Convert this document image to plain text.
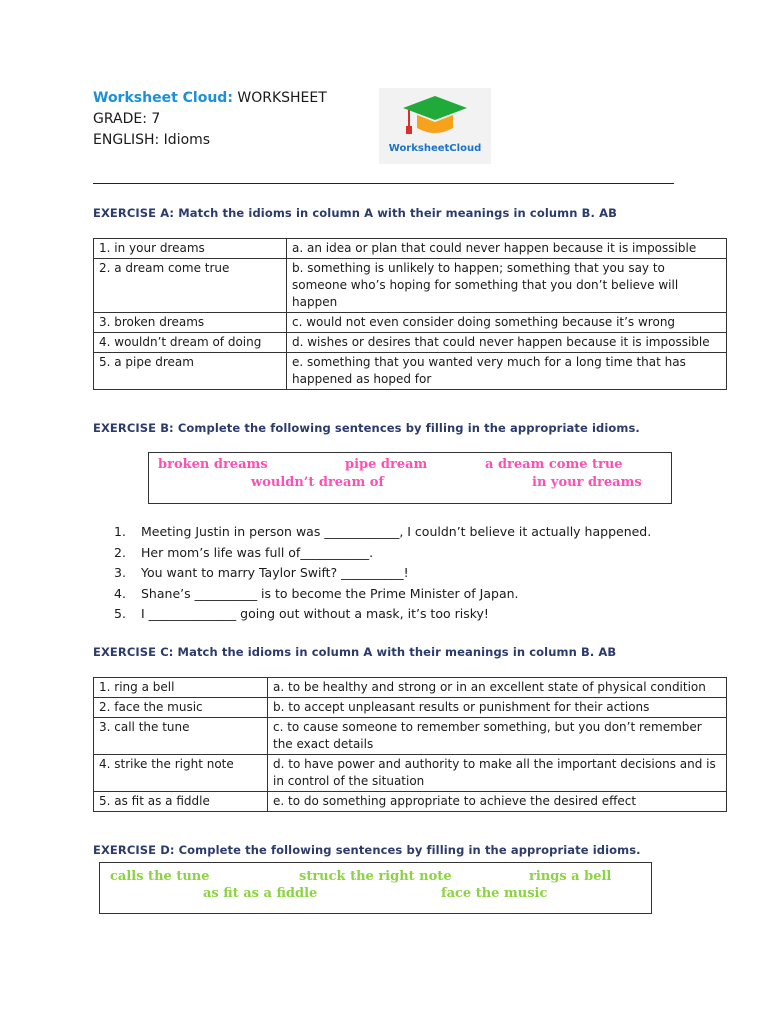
Worksheet Cloud: WORKSHEET
GRADE: 7
ENGLISH: Idioms
WorksheetCloud
EXERCISE A: Match the idioms in column A with their meanings in column B. AB
1. in your dreams	a. an idea or plan that could never happen because it is impossible
2. a dream come true	b. something is unlikely to happen; something that you say to someone who’s hoping for something that you don’t believe will happen
3. broken dreams	c. would not even consider doing something because it’s wrong
4. wouldn’t dream of doing	d. wishes or desires that could never happen because it is impossible
5. a pipe dream	e. something that you wanted very much for a long time that has happened as hoped for
EXERCISE B: Complete the following sentences by filling in the appropriate idioms.
broken dreams	pipe dream	a dream come true
wouldn’t dream of	in your dreams
1. Meeting Justin in person was ____________, I couldn’t believe it actually happened.
2. Her mom’s life was full of___________.
3. You want to marry Taylor Swift? __________!
4. Shane’s __________ is to become the Prime Minister of Japan.
5. I ______________ going out without a mask, it’s too risky!
EXERCISE C: Match the idioms in column A with their meanings in column B. AB
1. ring a bell	a. to be healthy and strong or in an excellent state of physical condition
2. face the music	b. to accept unpleasant results or punishment for their actions
3. call the tune	c. to cause someone to remember something, but you don’t remember the exact details
4. strike the right note	d. to have power and authority to make all the important decisions and is in control of the situation
5. as fit as a fiddle	e. to do something appropriate to achieve the desired effect
EXERCISE D: Complete the following sentences by filling in the appropriate idioms.
calls the tune	struck the right note	rings a bell
as fit as a fiddle	face the music
